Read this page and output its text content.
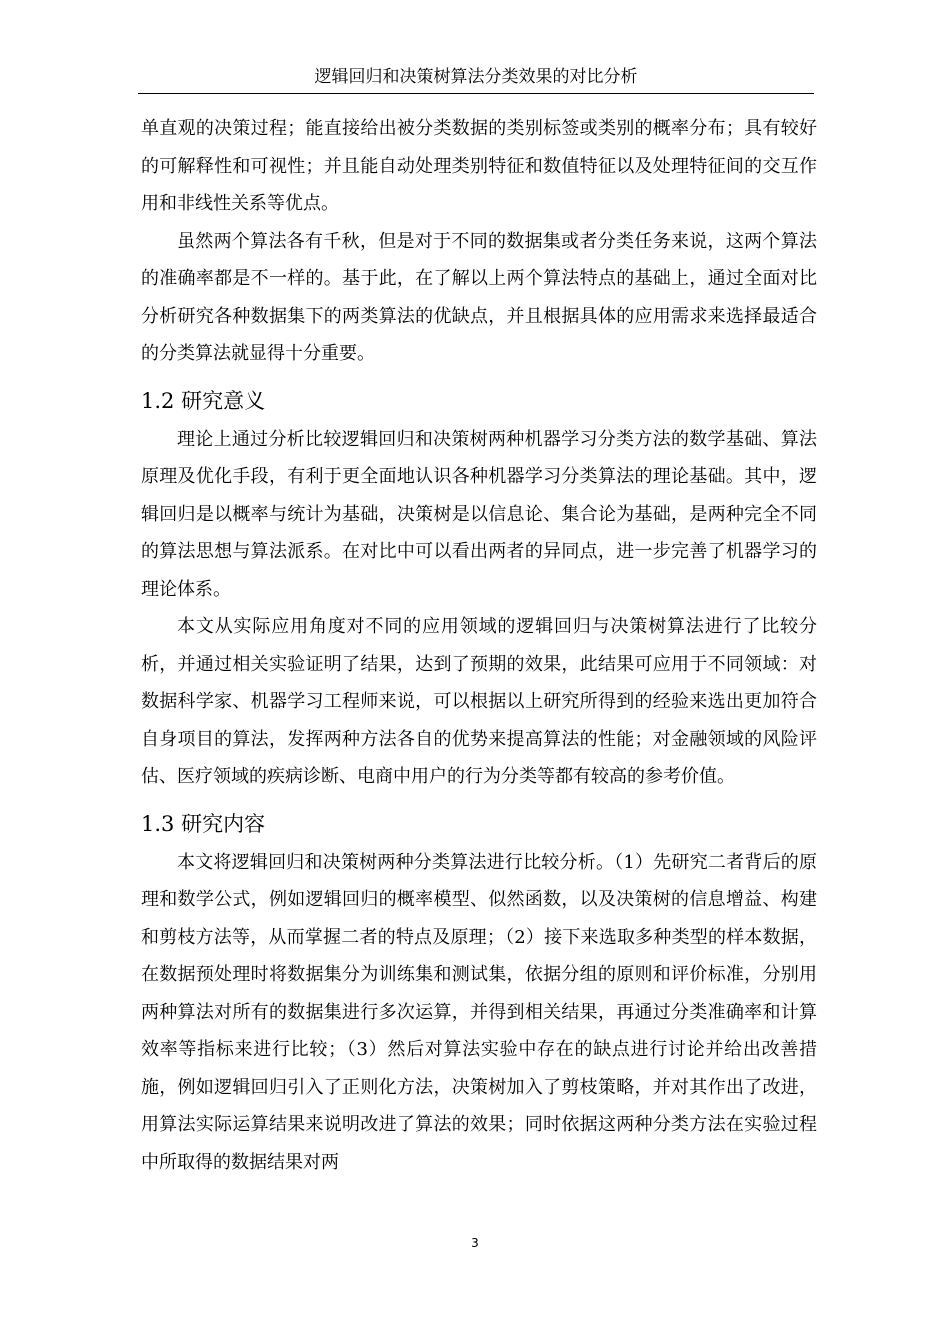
逻辑回归和决策树算法分类效果的对比分析

单直观的决策过程；能直接给出被分类数据的类别标签或类别的概率分布；具有较好的可解释性和可视性；并且能自动处理类别特征和数值特征以及处理特征间的交互作用和非线性关系等优点。

虽然两个算法各有千秋，但是对于不同的数据集或者分类任务来说，这两个算法的准确率都是不一样的。基于此，在了解以上两个算法特点的基础上，通过全面对比分析研究各种数据集下的两类算法的优缺点，并且根据具体的应用需求来选择最适合的分类算法就显得十分重要。

1.2 研究意义

理论上通过分析比较逻辑回归和决策树两种机器学习分类方法的数学基础、算法原理及优化手段，有利于更全面地认识各种机器学习分类算法的理论基础。其中，逻辑回归是以概率与统计为基础，决策树是以信息论、集合论为基础，是两种完全不同的算法思想与算法派系。在对比中可以看出两者的异同点，进一步完善了机器学习的理论体系。

本文从实际应用角度对不同的应用领域的逻辑回归与决策树算法进行了比较分析，并通过相关实验证明了结果，达到了预期的效果，此结果可应用于不同领域：对数据科学家、机器学习工程师来说，可以根据以上研究所得到的经验来选出更加符合自身项目的算法，发挥两种方法各自的优势来提高算法的性能；对金融领域的风险评估、医疗领域的疾病诊断、电商中用户的行为分类等都有较高的参考价值。

1.3 研究内容

本文将逻辑回归和决策树两种分类算法进行比较分析。（1）先研究二者背后的原理和数学公式，例如逻辑回归的概率模型、似然函数，以及决策树的信息增益、构建和剪枝方法等，从而掌握二者的特点及原理；（2）接下来选取多种类型的样本数据，在数据预处理时将数据集分为训练集和测试集，依据分组的原则和评价标准，分别用两种算法对所有的数据集进行多次运算，并得到相关结果，再通过分类准确率和计算效率等指标来进行比较；（3）然后对算法实验中存在的缺点进行讨论并给出改善措施，例如逻辑回归引入了正则化方法，决策树加入了剪枝策略，并对其作出了改进，用算法实际运算结果来说明改进了算法的效果；同时依据这两种分类方法在实验过程中所取得的数据结果对两

3
